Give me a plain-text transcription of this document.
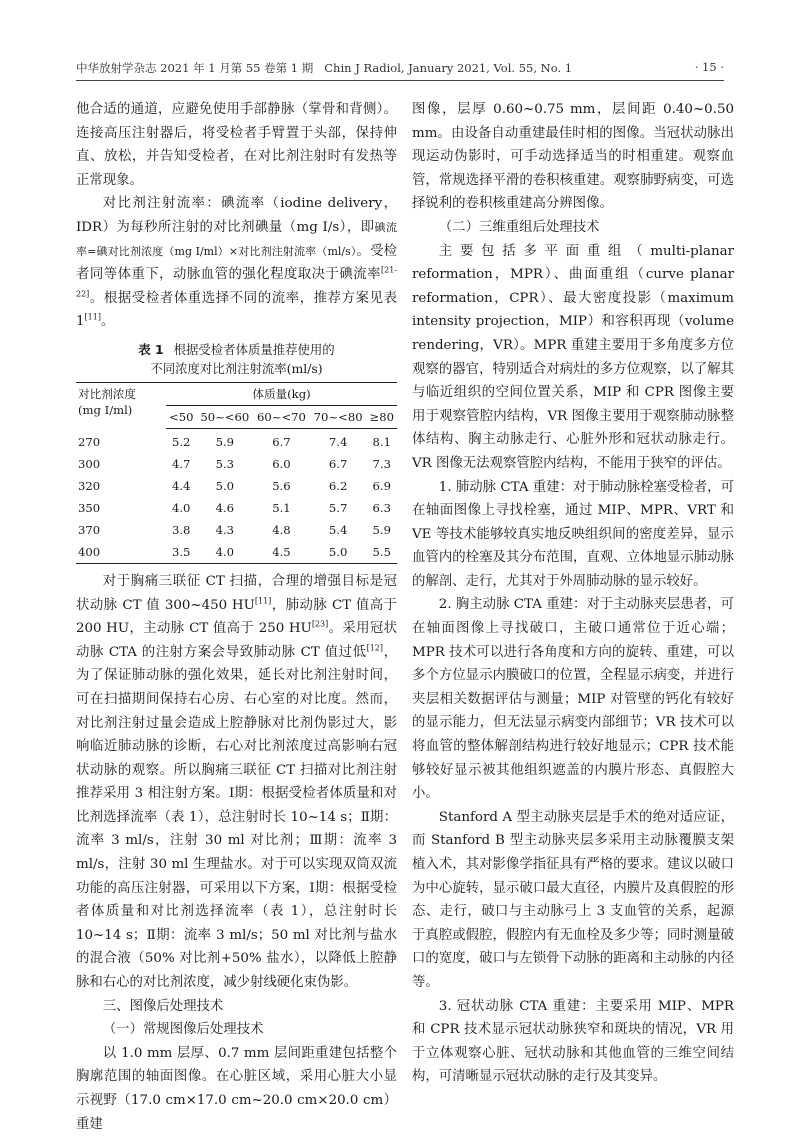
中华放射学杂志 2021 年 1 月第 55 卷第 1 期 Chin J Radiol, January 2021, Vol. 55, No. 1	· 15 ·

他合适的通道，应避免使用手部静脉（掌骨和背侧）。连接高压注射器后，将受检者手臂置于头部，保持伸直、放松，并告知受检者，在对比剂注射时有发热等正常现象。

对比剂注射流率：碘流率（iodine delivery，IDR）为每秒所注射的对比剂碘量（mg I/s），即碘流率=碘对比剂浓度（mg I/ml）×对比剂注射流率（ml/s）。受检者同等体重下，动脉血管的强化程度取决于碘流率[21-22]。根据受检者体重选择不同的流率，推荐方案见表 1[11]。

表 1 根据受检者体质量推荐使用的
不同浓度对比剂注射流率(ml/s)
对比剂浓度
(mg I/ml)	体质量(kg)				
	<50	50~<60	60~<70	70~<80	≥80
270	5.2	5.9	6.7	7.4	8.1
300	4.7	5.3	6.0	6.7	7.3
320	4.4	5.0	5.6	6.2	6.9
350	4.0	4.6	5.1	5.7	6.3
370	3.8	4.3	4.8	5.4	5.9
400	3.5	4.0	4.5	5.0	5.5

对于胸痛三联征 CT 扫描，合理的增强目标是冠状动脉 CT 值 300~450 HU[11]，肺动脉 CT 值高于 200 HU，主动脉 CT 值高于 250 HU[23]。采用冠状动脉 CTA 的注射方案会导致肺动脉 CT 值过低[12]，为了保证肺动脉的强化效果，延长对比剂注射时间，可在扫描期间保持右心房、右心室的对比度。然而，对比剂注射过量会造成上腔静脉对比剂伪影过大，影响临近肺动脉的诊断，右心对比剂浓度过高影响右冠状动脉的观察。所以胸痛三联征 CT 扫描对比剂注射推荐采用 3 相注射方案。Ⅰ期：根据受检者体质量和对比剂选择流率（表 1），总注射时长 10~14 s；Ⅱ期：流率 3 ml/s，注射 30 ml 对比剂；Ⅲ期：流率 3 ml/s，注射 30 ml 生理盐水。对于可以实现双筒双流功能的高压注射器，可采用以下方案，Ⅰ期：根据受检者体质量和对比剂选择流率（表 1），总注射时长 10~14 s；Ⅱ期：流率 3 ml/s；50 ml 对比剂与盐水的混合液（50% 对比剂+50% 盐水），以降低上腔静脉和右心的对比剂浓度，减少射线硬化束伪影。

三、图像后处理技术

（一）常规图像后处理技术

以 1.0 mm 层厚、0.7 mm 层间距重建包括整个胸廓范围的轴面图像。在心脏区域，采用心脏大小显示视野（17.0 cm×17.0 cm~20.0 cm×20.0 cm）重建

图像，层厚 0.60~0.75 mm，层间距 0.40~0.50 mm。由设备自动重建最佳时相的图像。当冠状动脉出现运动伪影时，可手动选择适当的时相重建。观察血管，常规选择平滑的卷积核重建。观察肺野病变，可选择锐利的卷积核重建高分辨图像。

（二）三维重组后处理技术

主要包括多平面重组（multi-planar reformation，MPR）、曲面重组（curve planar reformation，CPR）、最大密度投影（maximum intensity projection，MIP）和容积再现（volume rendering，VR）。MPR 重建主要用于多角度多方位观察的器官，特别适合对病灶的多方位观察，以了解其与临近组织的空间位置关系，MIP 和 CPR 图像主要用于观察管腔内结构，VR 图像主要用于观察肺动脉整体结构、胸主动脉走行、心脏外形和冠状动脉走行。VR 图像无法观察管腔内结构，不能用于狭窄的评估。

1. 肺动脉 CTA 重建：对于肺动脉栓塞受检者，可在轴面图像上寻找栓塞，通过 MIP、MPR、VRT 和 VE 等技术能够较真实地反映组织间的密度差异，显示血管内的栓塞及其分布范围，直观、立体地显示肺动脉的解剖、走行，尤其对于外周肺动脉的显示较好。

2. 胸主动脉 CTA 重建：对于主动脉夹层患者，可在轴面图像上寻找破口，主破口通常位于近心端；MPR 技术可以进行各角度和方向的旋转、重建，可以多个方位显示内膜破口的位置，全程显示病变，并进行夹层相关数据评估与测量；MIP 对管壁的钙化有较好的显示能力，但无法显示病变内部细节；VR 技术可以将血管的整体解剖结构进行较好地显示；CPR 技术能够较好显示被其他组织遮盖的内膜片形态、真假腔大小。

Stanford A 型主动脉夹层是手术的绝对适应证，而 Stanford B 型主动脉夹层多采用主动脉覆膜支架植入术，其对影像学指征具有严格的要求。建议以破口为中心旋转，显示破口最大直径，内膜片及真假腔的形态、走行，破口与主动脉弓上 3 支血管的关系，起源于真腔或假腔，假腔内有无血栓及多少等；同时测量破口的宽度，破口与左锁骨下动脉的距离和主动脉的内径等。

3. 冠状动脉 CTA 重建：主要采用 MIP、MPR 和 CPR 技术显示冠状动脉狭窄和斑块的情况，VR 用于立体观察心脏、冠状动脉和其他血管的三维空间结构，可清晰显示冠状动脉的走行及其变异。
